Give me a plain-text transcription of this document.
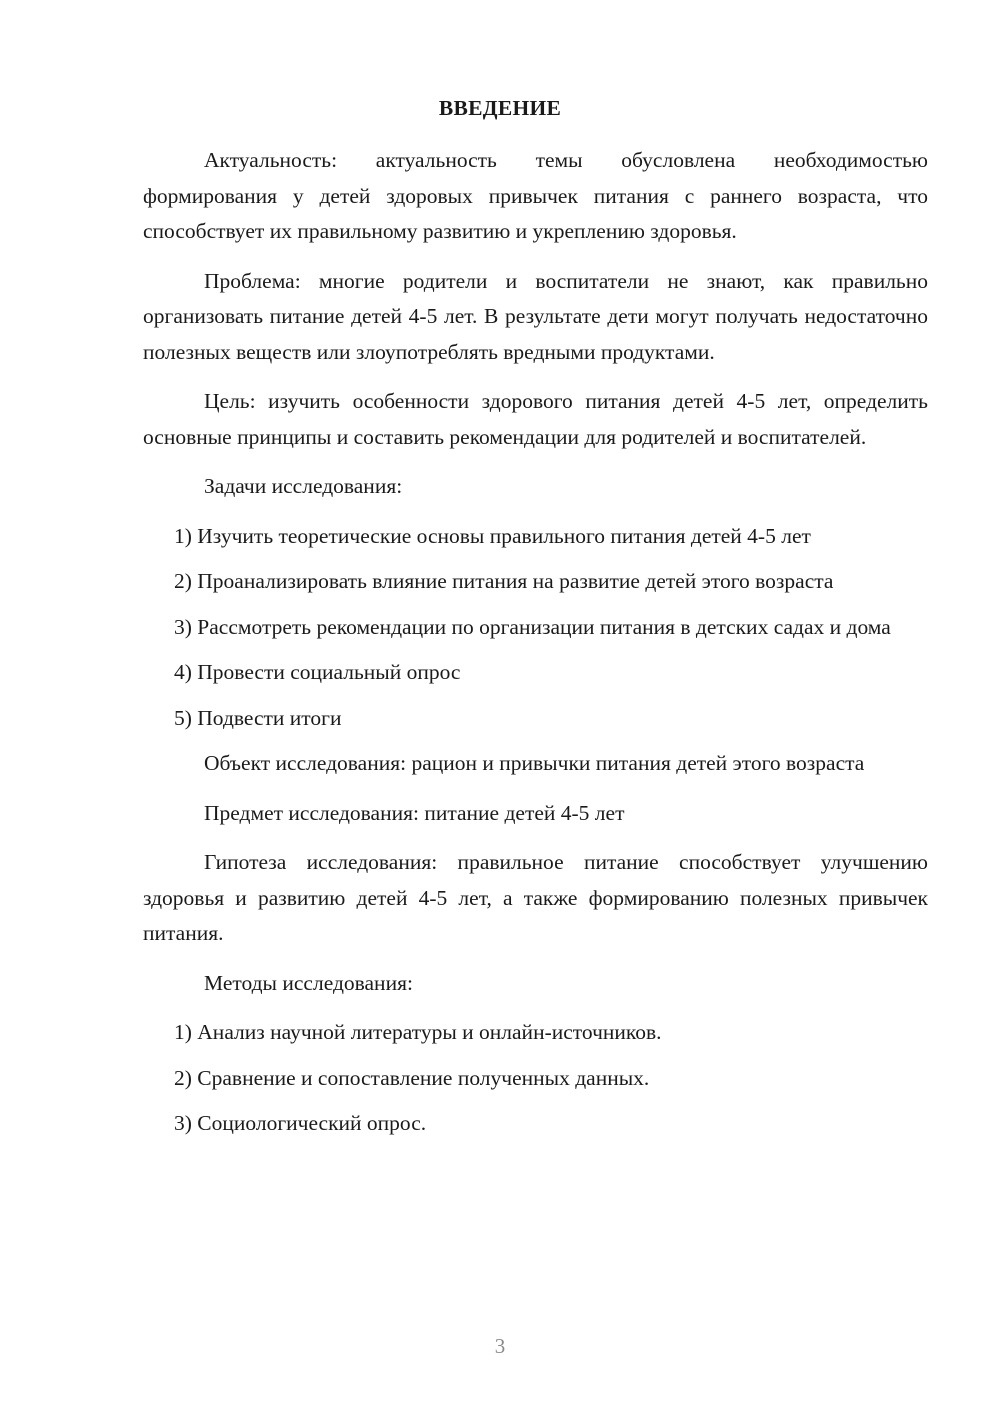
ВВЕДЕНИЕ

Актуальность: актуальность темы обусловлена необходимостью формирования у детей здоровых привычек питания с раннего возраста, что способствует их правильному развитию и укреплению здоровья.

Проблема: многие родители и воспитатели не знают, как правильно организовать питание детей 4-5 лет. В результате дети могут получать недостаточно полезных веществ или злоупотреблять вредными продуктами.

Цель: изучить особенности здорового питания детей 4-5 лет, определить основные принципы и составить рекомендации для родителей и воспитателей.

Задачи исследования:

1) Изучить теоретические основы правильного питания детей 4-5 лет

2) Проанализировать влияние питания на развитие детей этого возраста

3) Рассмотреть рекомендации по организации питания в детских садах и дома

4) Провести социальный опрос

5) Подвести итоги

Объект исследования: рацион и привычки питания детей этого возраста

Предмет исследования: питание детей 4-5 лет

Гипотеза исследования: правильное питание способствует улучшению здоровья и развитию детей 4-5 лет, а также формированию полезных привычек питания.

Методы исследования:

1) Анализ научной литературы и онлайн-источников.

2) Сравнение и сопоставление полученных данных.

3) Социологический опрос.

3
